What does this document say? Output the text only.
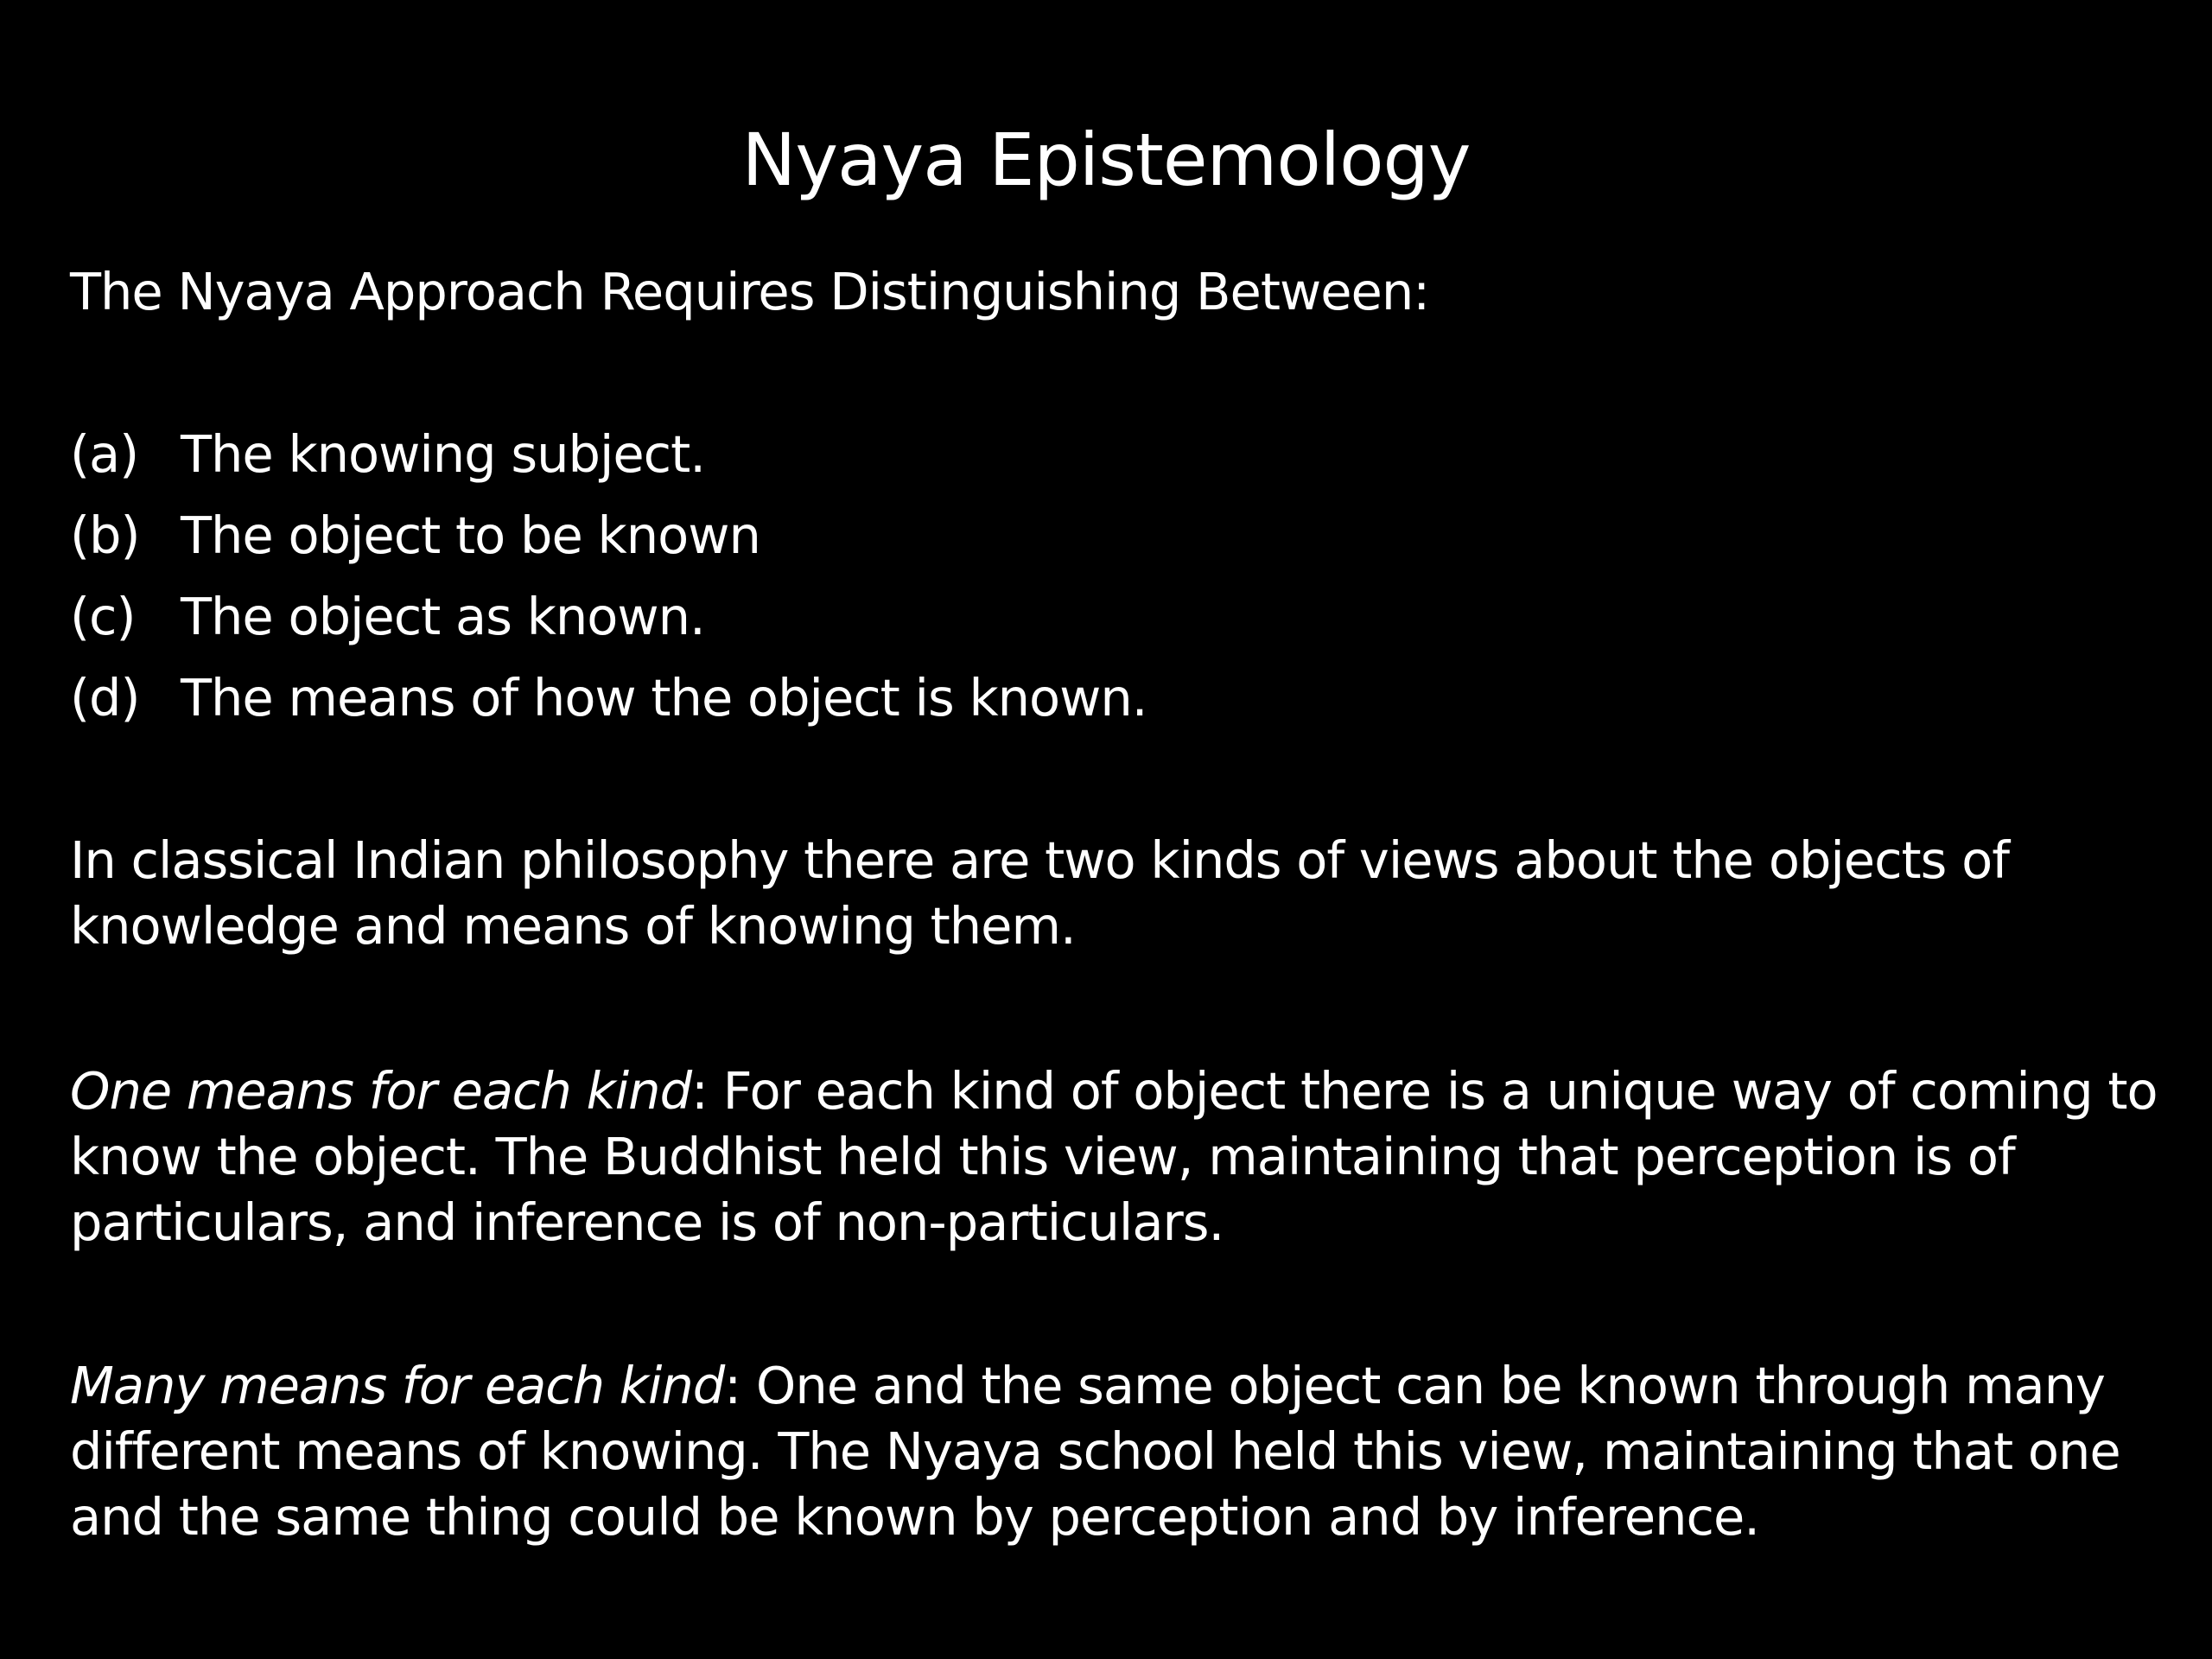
Nyaya Epistemology
The Nyaya Approach Requires Distinguishing Between:
(a) The knowing subject.
(b) The object to be known
(c) The object as known.
(d) The means of how the object is known.
In classical Indian philosophy there are two kinds of views about the objects of knowledge and means of knowing them.
One means for each kind: For each kind of object there is a unique way of coming to know the object. The Buddhist held this view, maintaining that perception is of particulars, and inference is of non-particulars.
Many means for each kind: One and the same object can be known through many different means of knowing. The Nyaya school held this view, maintaining that one and the same thing could be known by perception and by inference.
